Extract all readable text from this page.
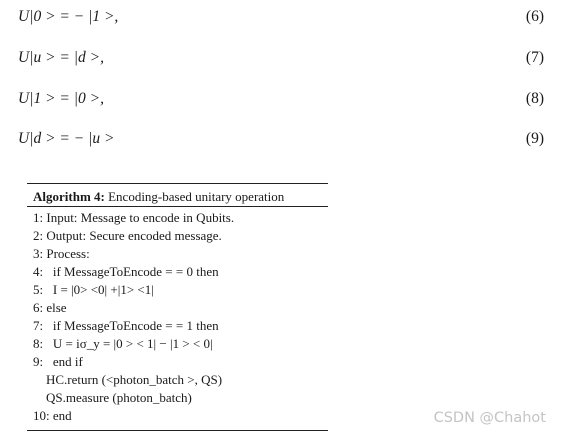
U|0 > = − |1 >,	(6)
U|u > = |d >,	(7)
U|1 > = |0 >,	(8)
U|d > = − |u >	(9)
Algorithm 4: Encoding-based unitary operation
1: Input: Message to encode in Qubits.
2: Output: Secure encoded message.
3: Process:
4:   if MessageToEncode = = 0 then
5:   I = |0> <0| +|1> <1|
6: else
7:   if MessageToEncode = = 1 then
8:   U = iσ_y = |0 > < 1| − |1 > < 0|
9:   end if
HC.return (<photon_batch >, QS)
QS.measure (photon_batch)
10: end	CSDN @Chahot
